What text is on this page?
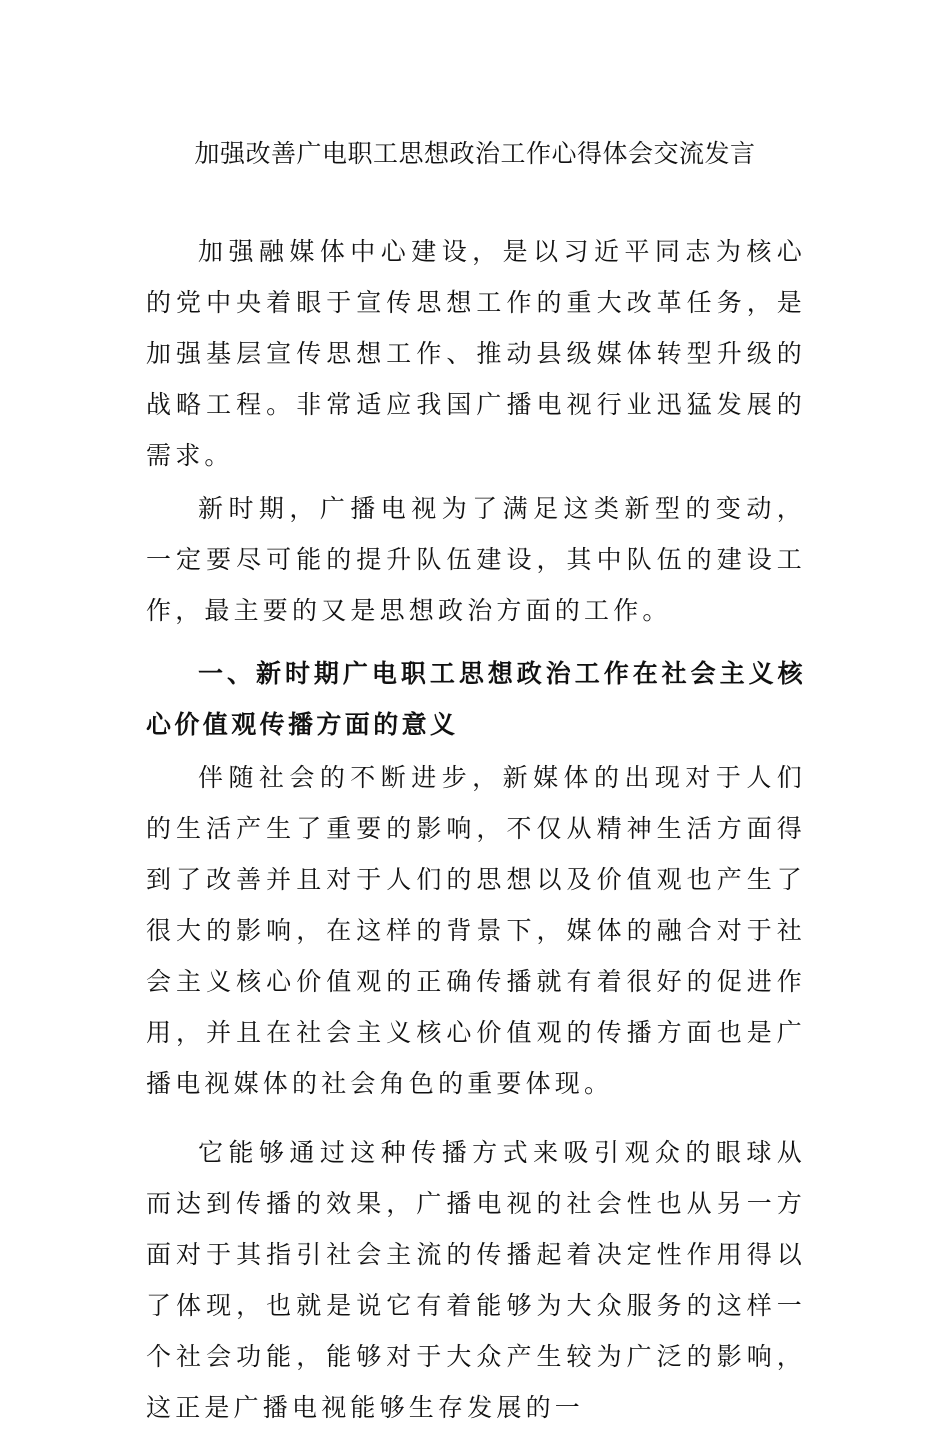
加强改善广电职工思想政治工作心得体会交流发言

加强融媒体中心建设，是以习近平同志为核心的党中央着眼于宣传思想工作的重大改革任务，是加强基层宣传思想工作、推动县级媒体转型升级的战略工程。非常适应我国广播电视行业迅猛发展的需求。

新时期，广播电视为了满足这类新型的变动，一定要尽可能的提升队伍建设，其中队伍的建设工作，最主要的又是思想政治方面的工作。

一、新时期广电职工思想政治工作在社会主义核心价值观传播方面的意义

伴随社会的不断进步，新媒体的出现对于人们的生活产生了重要的影响，不仅从精神生活方面得到了改善并且对于人们的思想以及价值观也产生了很大的影响，在这样的背景下，媒体的融合对于社会主义核心价值观的正确传播就有着很好的促进作用，并且在社会主义核心价值观的传播方面也是广播电视媒体的社会角色的重要体现。

它能够通过这种传播方式来吸引观众的眼球从而达到传播的效果，广播电视的社会性也从另一方面对于其指引社会主流的传播起着决定性作用得以了体现，也就是说它有着能够为大众服务的这样一个社会功能，能够对于大众产生较为广泛的影响，这正是广播电视能够生存发展的一
